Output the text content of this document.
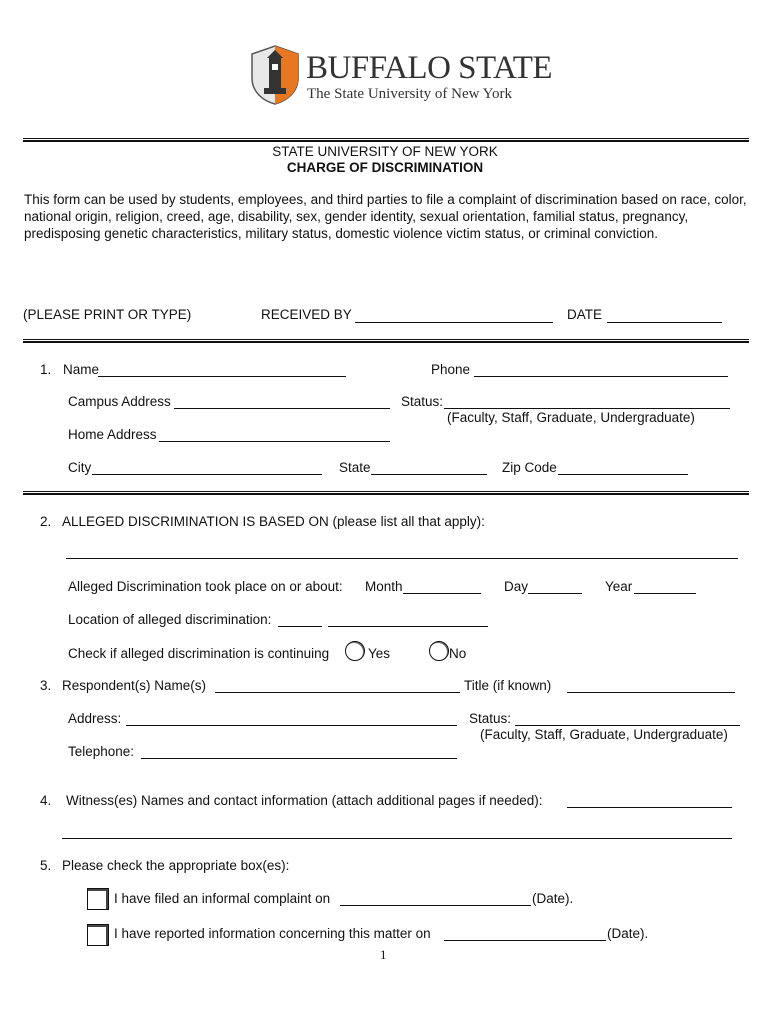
BUFFALO STATE
The State University of New York
STATE UNIVERSITY OF NEW YORK
CHARGE OF DISCRIMINATION
This form can be used by students, employees, and third parties to file a complaint of discrimination based on race, color, national origin, religion, creed, age, disability, sex, gender identity, sexual orientation, familial status, pregnancy, predisposing genetic characteristics, military status, domestic violence victim status, or criminal conviction.
(PLEASE PRINT OR TYPE)	RECEIVED BY	DATE
1. Name	Phone
Campus Address	Status:
(Faculty, Staff, Graduate, Undergraduate)
Home Address
City	State	Zip Code
2. ALLEGED DISCRIMINATION IS BASED ON (please list all that apply):
Alleged Discrimination took place on or about: Month	Day	Year
Location of alleged discrimination:
Check if alleged discrimination is continuing	Yes	No
3. Respondent(s) Name(s)	Title (if known)
Address:	Status:
(Faculty, Staff, Graduate, Undergraduate)
Telephone:
4. Witness(es) Names and contact information (attach additional pages if needed):
5. Please check the appropriate box(es):
I have filed an informal complaint on	(Date).
I have reported information concerning this matter on	(Date).
1
